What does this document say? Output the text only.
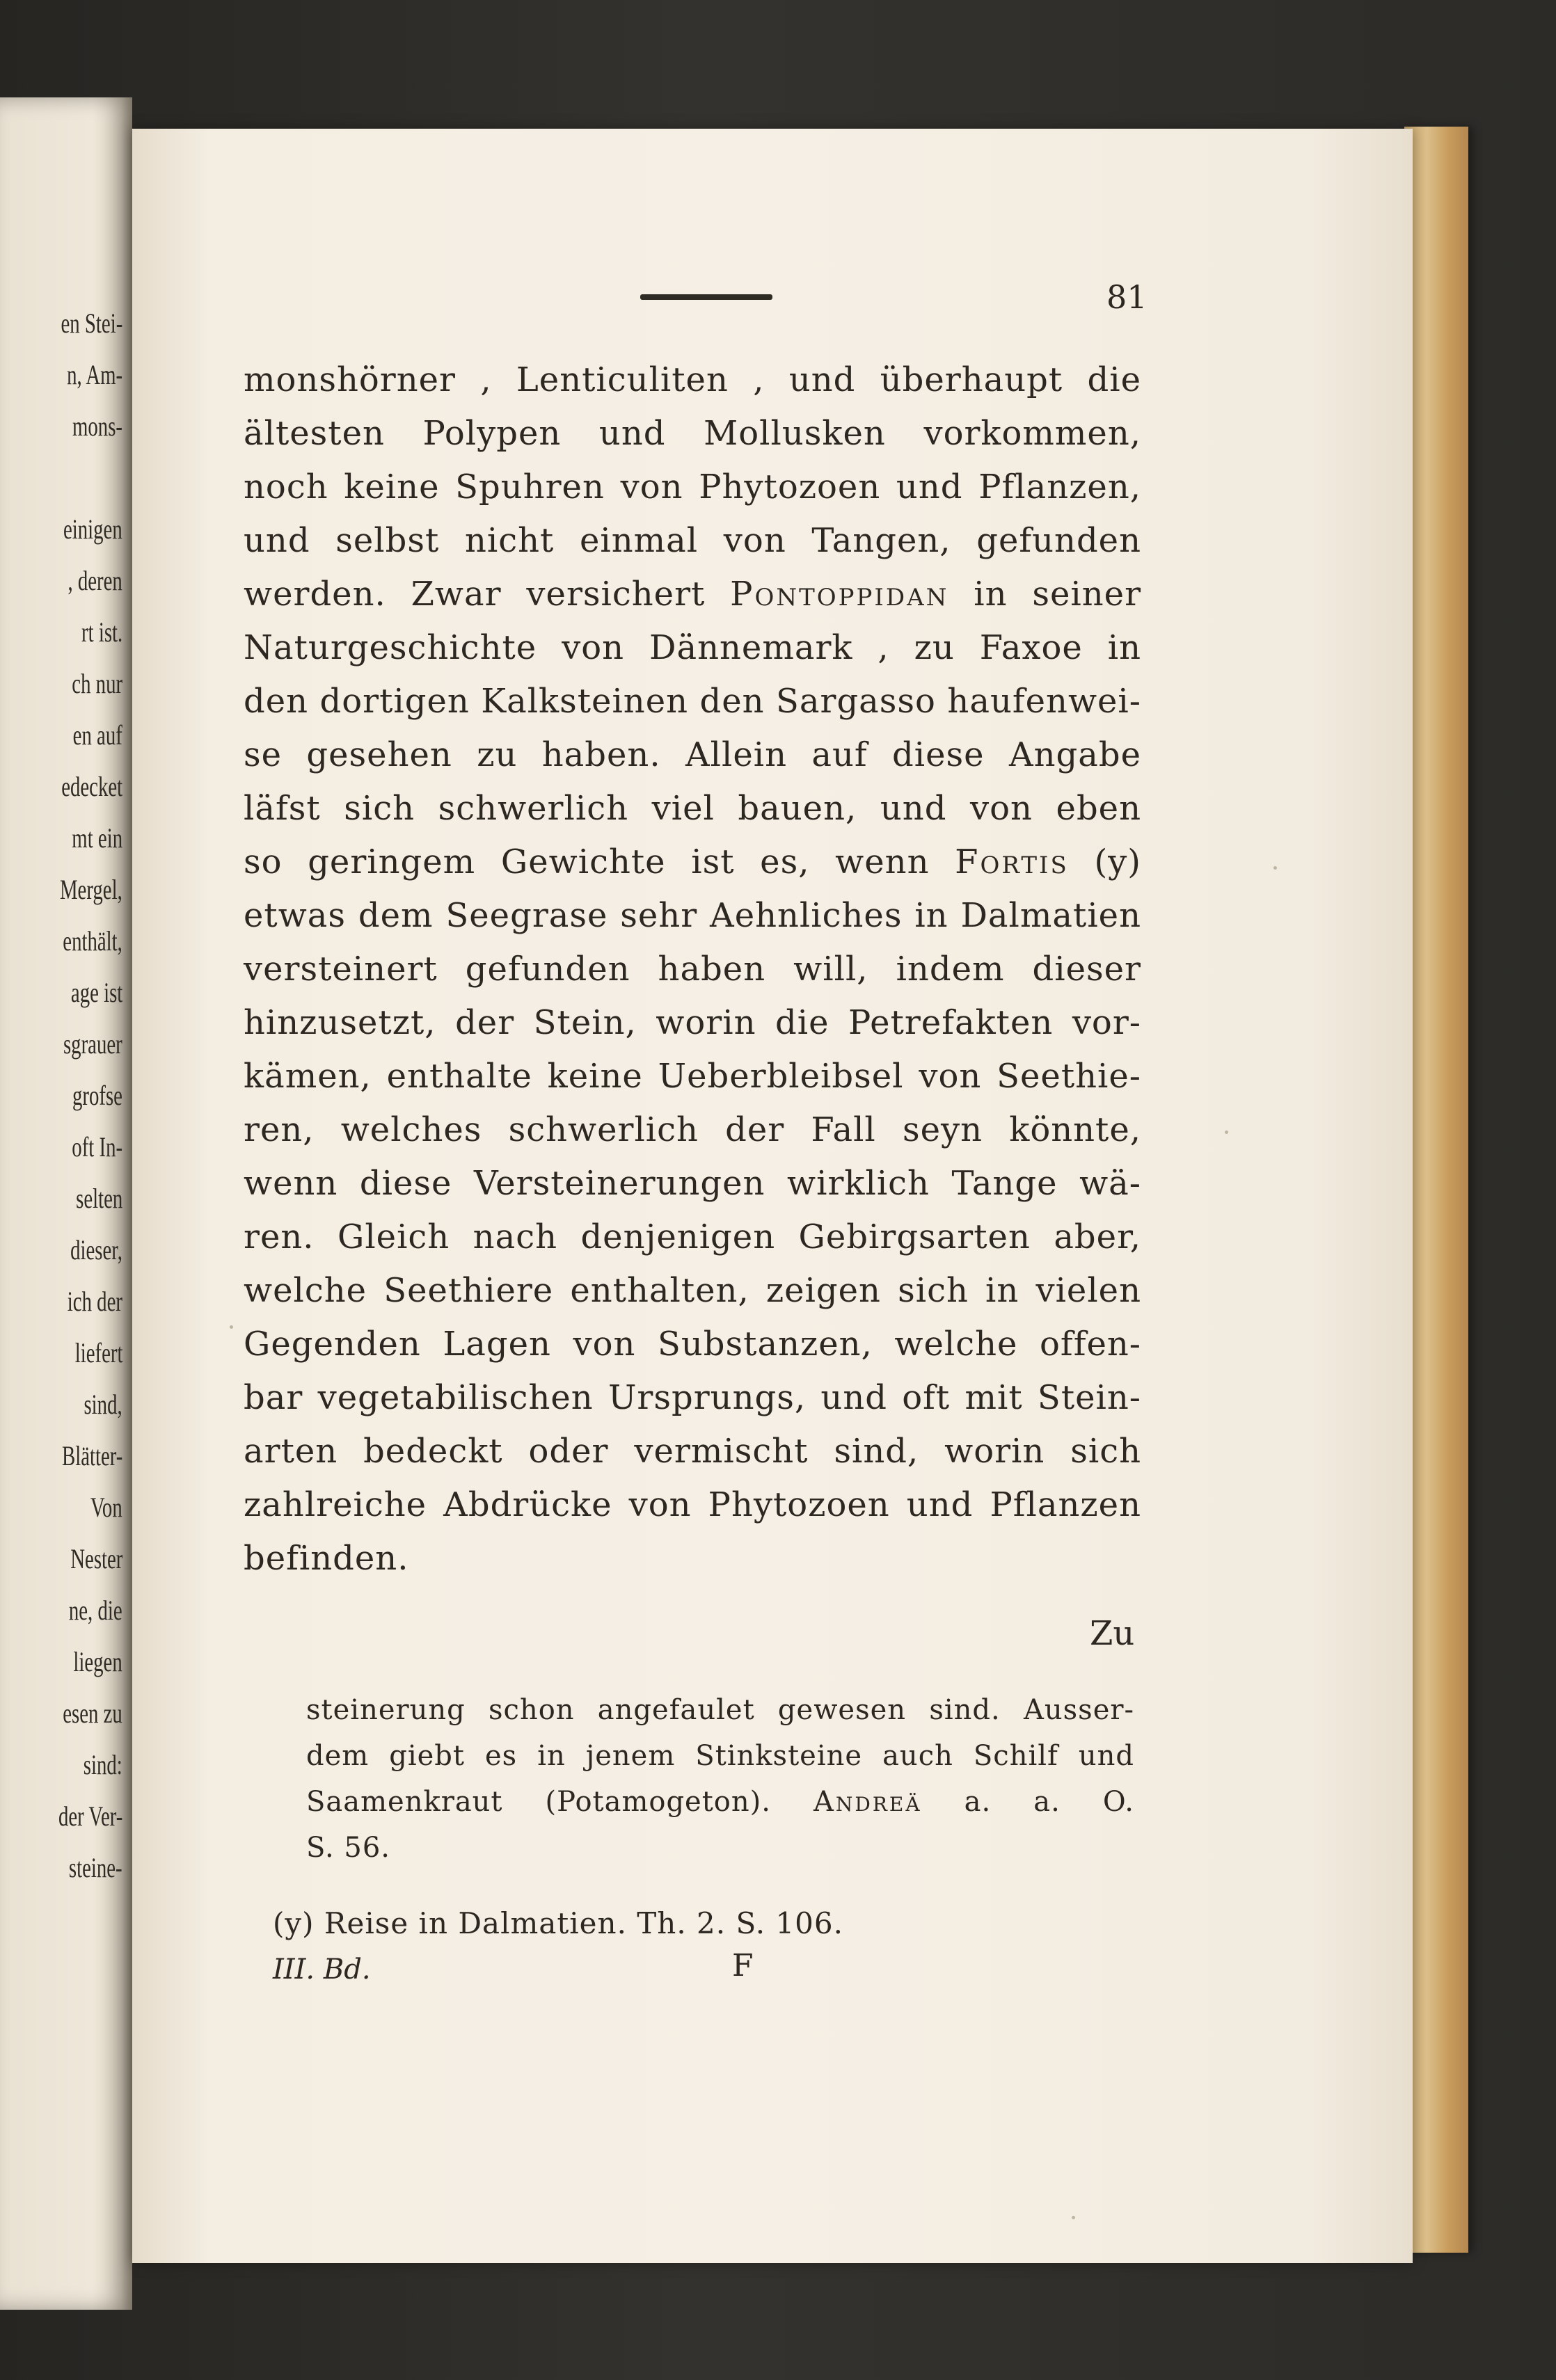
en Stei-
n, Am-
mons-
einigen
, deren
rt ist.
ch nur
en auf
edecket
mt ein
Mergel,
enthält,
age ist
sgrauer
grofse
oft In-
selten
dieser,
ich der
liefert
sind,
Blätter-
Von
Nester
ne, die
liegen
esen zu
sind:
der Ver-
steine-
81
monshörner , Lenticuliten , und überhaupt die
ältesten Polypen und Mollusken vorkommen,
noch keine Spuhren von Phytozoen und Pflanzen,
und selbst nicht einmal von Tangen, gefunden
werden. Zwar versichert Pontoppidan in seiner
Naturgeschichte von Dännemark , zu Faxoe in
den dortigen Kalksteinen den Sargasso haufenwei-
se gesehen zu haben. Allein auf diese Angabe
läfst sich schwerlich viel bauen, und von eben
so geringem Gewichte ist es, wenn Fortis (y)
etwas dem Seegrase sehr Aehnliches in Dalmatien
versteinert gefunden haben will, indem dieser
hinzusetzt, der Stein, worin die Petrefakten vor-
kämen, enthalte keine Ueberbleibsel von Seethie-
ren, welches schwerlich der Fall seyn könnte,
wenn diese Versteinerungen wirklich Tange wä-
ren. Gleich nach denjenigen Gebirgsarten aber,
welche Seethiere enthalten, zeigen sich in vielen
Gegenden Lagen von Substanzen, welche offen-
bar vegetabilischen Ursprungs, und oft mit Stein-
arten bedeckt oder vermischt sind, worin sich
zahlreiche Abdrücke von Phytozoen und Pflanzen
befinden.
Zu
steinerung schon angefaulet gewesen sind. Ausser-
dem giebt es in jenem Stinksteine auch Schilf und
Saamenkraut (Potamogeton). Andreä a. a. O.
S. 56.
(y) Reise in Dalmatien. Th. 2. S. 106.
III. Bd.	F
